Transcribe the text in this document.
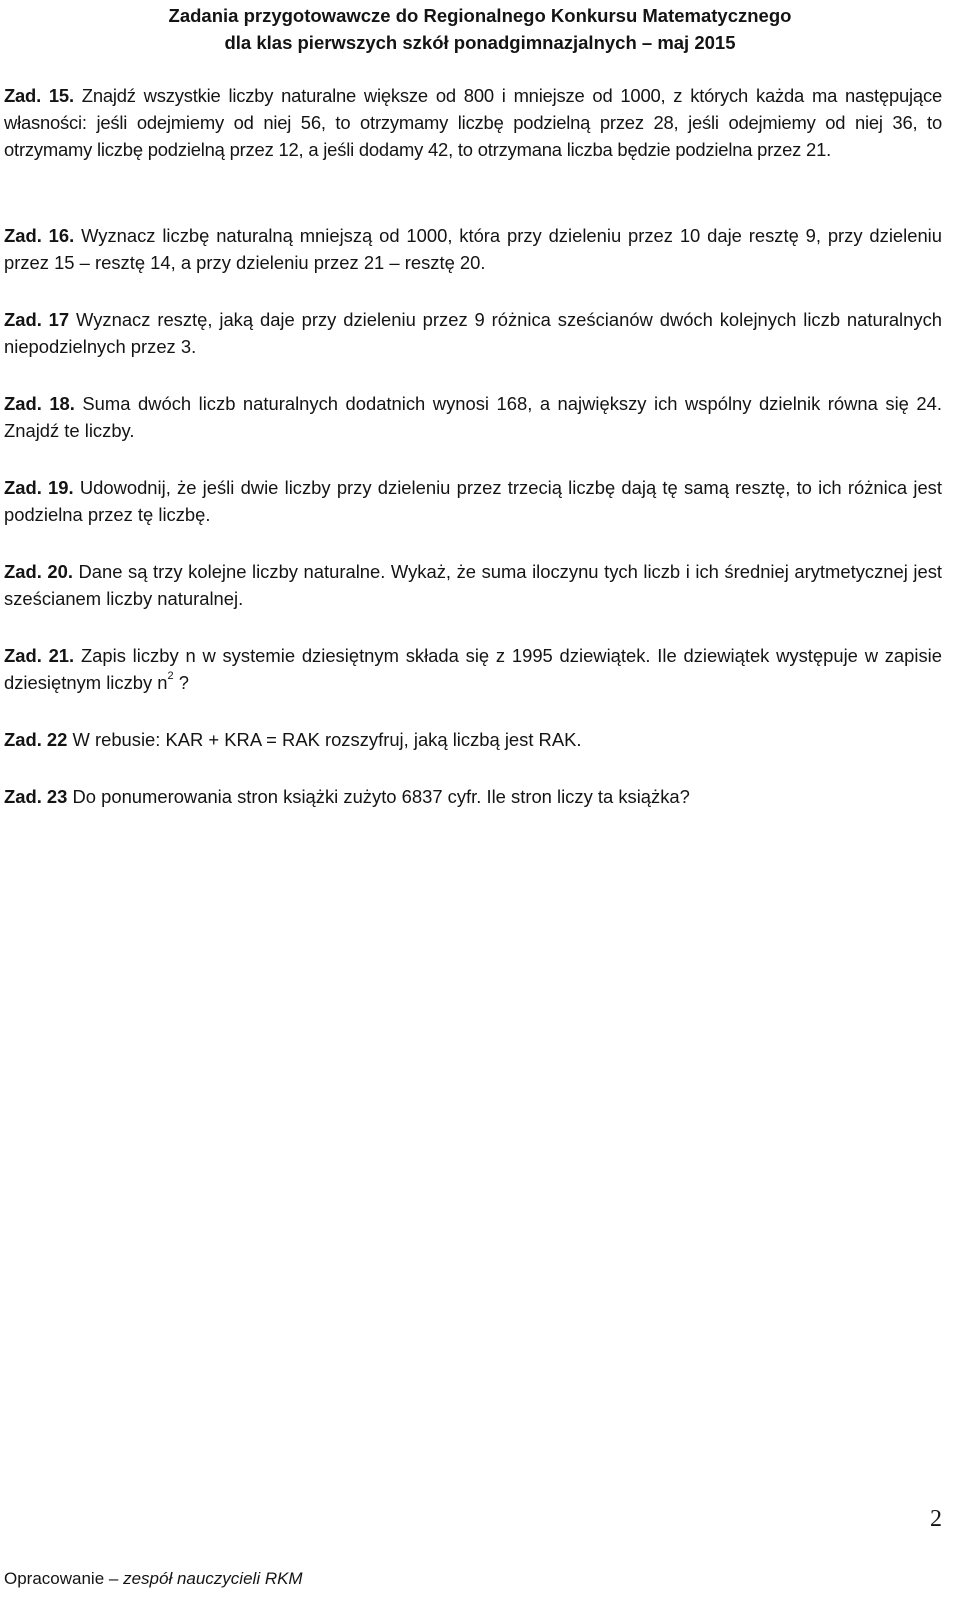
Zadania przygotowawcze do Regionalnego Konkursu Matematycznego
dla klas pierwszych szkół ponadgimnazjalnych – maj 2015
Zad. 15. Znajdź wszystkie liczby naturalne większe od 800 i mniejsze od 1000, z których każda ma następujące własności: jeśli odejmiemy od niej 56, to otrzymamy liczbę podzielną przez 28, jeśli odejmiemy od niej 36, to otrzymamy liczbę podzielną przez 12, a jeśli dodamy 42, to otrzymana liczba będzie podzielna przez 21.
Zad. 16. Wyznacz liczbę naturalną mniejszą od 1000, która przy dzieleniu przez 10 daje resztę 9, przy dzieleniu przez 15 – resztę 14, a przy dzieleniu przez 21 – resztę 20.
Zad. 17 Wyznacz resztę, jaką daje przy dzieleniu przez 9 różnica sześcianów dwóch kolejnych liczb naturalnych niepodzielnych przez 3.
Zad. 18. Suma dwóch liczb naturalnych dodatnich wynosi 168, a największy ich wspólny dzielnik równa się 24. Znajdź te liczby.
Zad. 19. Udowodnij, że jeśli dwie liczby przy dzieleniu przez trzecią liczbę dają tę samą resztę, to ich różnica jest podzielna przez tę liczbę.
Zad. 20. Dane są trzy kolejne liczby naturalne. Wykaż, że suma iloczynu tych liczb i ich średniej arytmetycznej jest sześcianem liczby naturalnej.
Zad. 21. Zapis liczby n w systemie dziesiętnym składa się z 1995 dziewiątek. Ile dziewiątek występuje w zapisie dziesiętnym liczby $n^2$ ?
Zad. 22 W rebusie: KAR + KRA = RAK rozszyfruj, jaką liczbą jest RAK.
Zad. 23 Do ponumerowania stron książki zużyto 6837 cyfr. Ile stron liczy ta książka?
2
Opracowanie – zespół nauczycieli RKM
